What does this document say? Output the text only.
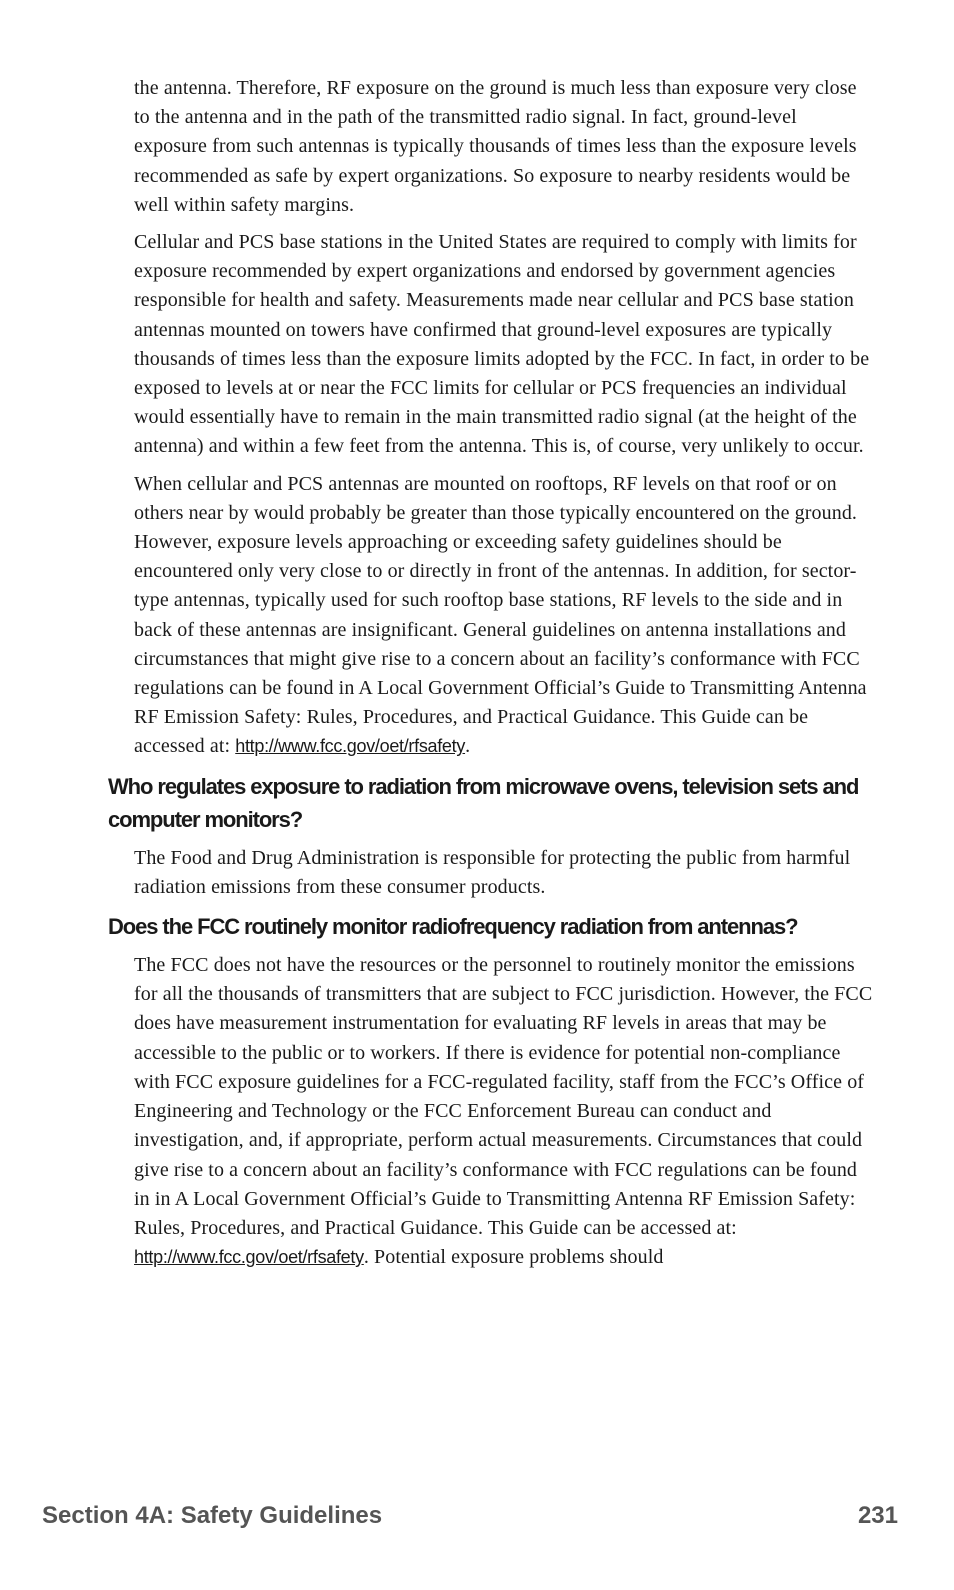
the antenna. Therefore, RF exposure on the ground is much less than exposure very close to the antenna and in the path of the transmitted radio signal. In fact, ground-level exposure from such antennas is typically thousands of times less than the exposure levels recommended as safe by expert organizations. So exposure to nearby residents would be well within safety margins.

Cellular and PCS base stations in the United States are required to comply with limits for exposure recommended by expert organizations and endorsed by government agencies responsible for health and safety. Measurements made near cellular and PCS base station antennas mounted on towers have confirmed that ground-level exposures are typically thousands of times less than the exposure limits adopted by the FCC. In fact, in order to be exposed to levels at or near the FCC limits for cellular or PCS frequencies an individual would essentially have to remain in the main transmitted radio signal (at the height of the antenna) and within a few feet from the antenna. This is, of course, very unlikely to occur.

When cellular and PCS antennas are mounted on rooftops, RF levels on that roof or on others near by would probably be greater than those typically encountered on the ground. However, exposure levels approaching or exceeding safety guidelines should be encountered only very close to or directly in front of the antennas. In addition, for sector-type antennas, typically used for such rooftop base stations, RF levels to the side and in back of these antennas are insignificant. General guidelines on antenna installations and circumstances that might give rise to a concern about an facility’s conformance with FCC regulations can be found in A Local Government Official’s Guide to Transmitting Antenna RF Emission Safety: Rules, Procedures, and Practical Guidance. This Guide can be accessed at: http://www.fcc.gov/oet/rfsafety.

Who regulates exposure to radiation from microwave ovens, television sets and computer monitors?

The Food and Drug Administration is responsible for protecting the public from harmful radiation emissions from these consumer products.

Does the FCC routinely monitor radiofrequency radiation from antennas?

The FCC does not have the resources or the personnel to routinely monitor the emissions for all the thousands of transmitters that are subject to FCC jurisdiction. However, the FCC does have measurement instrumentation for evaluating RF levels in areas that may be accessible to the public or to workers. If there is evidence for potential non-compliance with FCC exposure guidelines for a FCC-regulated facility, staff from the FCC’s Office of Engineering and Technology or the FCC Enforcement Bureau can conduct and investigation, and, if appropriate, perform actual measurements. Circumstances that could give rise to a concern about an facility’s conformance with FCC regulations can be found in in A Local Government Official’s Guide to Transmitting Antenna RF Emission Safety: Rules, Procedures, and Practical Guidance. This Guide can be accessed at: http://www.fcc.gov/oet/rfsafety. Potential exposure problems should

Section 4A: Safety Guidelines	231
